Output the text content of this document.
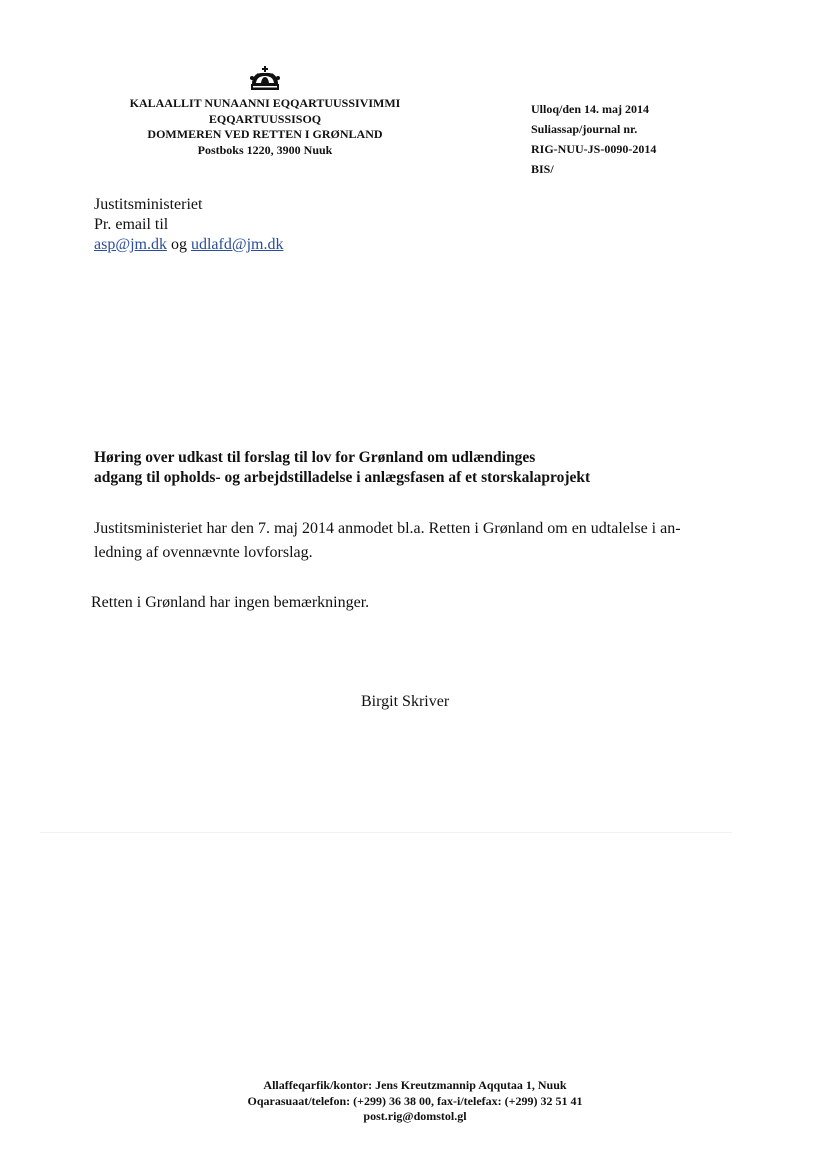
KALAALLIT NUNAANNI EQQARTUUSSIVIMMI
EQQARTUUSSISOQ
DOMMEREN VED RETTEN I GRØNLAND
Postboks 1220, 3900 Nuuk
Ulloq/den 14. maj 2014
Suliassap/journal nr.
RIG-NUU-JS-0090-2014
BIS/
Justitsministeriet
Pr. email til
asp@jm.dk og udlafd@jm.dk
Høring over udkast til forslag til lov for Grønland om udlændinges
adgang til opholds- og arbejdstilladelse i anlægsfasen af et storskalaprojekt
Justitsministeriet har den 7. maj 2014 anmodet bl.a. Retten i Grønland om en udtalelse i an-
ledning af ovennævnte lovforslag.
Retten i Grønland har ingen bemærkninger.
Birgit Skriver
Allaffeqarfik/kontor: Jens Kreutzmannip Aqqutaa 1, Nuuk
Oqarasuaat/telefon: (+299) 36 38 00, fax-i/telefax: (+299) 32 51 41
post.rig@domstol.gl
